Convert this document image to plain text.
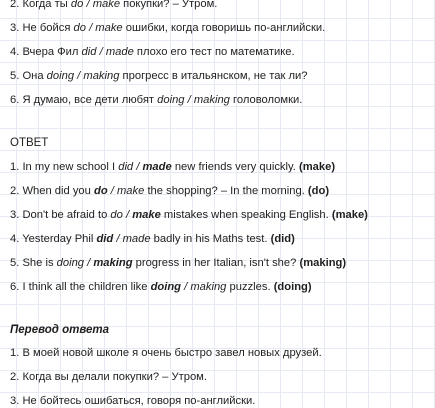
2. Когда ты do / make покупки? – Утром.
3. Не бойся do / make ошибки, когда говоришь по-английски.
4. Вчера Фил did / made плохо его тест по математике.
5. Она doing / making прогресс в итальянском, не так ли?
6. Я думаю, все дети любят doing / making головоломки.
ОТВЕТ
1. In my new school I did / made new friends very quickly. (make)
2. When did you do / make the shopping? – In the morning. (do)
3. Don't be afraid to do / make mistakes when speaking English. (make)
4. Yesterday Phil did / made badly in his Maths test. (did)
5. She is doing / making progress in her Italian, isn't she? (making)
6. I think all the children like doing / making puzzles. (doing)
Перевод ответа
1. В моей новой школе я очень быстро завел новых друзей.
2. Когда вы делали покупки? – Утром.
3. Не бойтесь ошибаться, говоря по-английски.
